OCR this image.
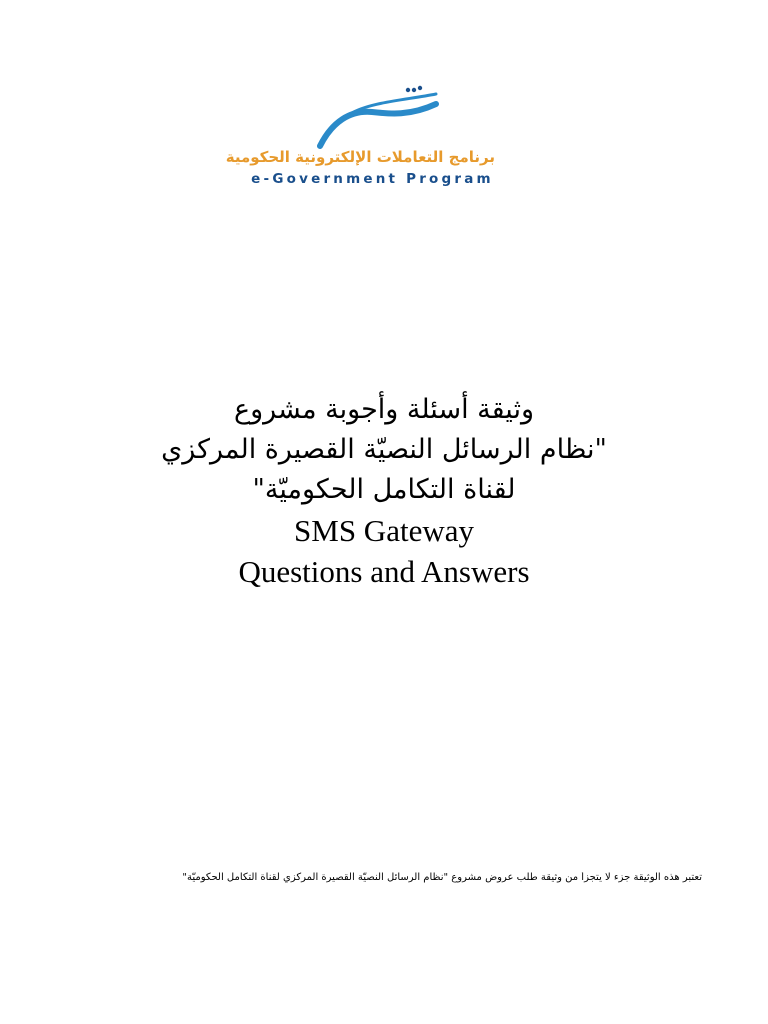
برنامج التعاملات الإلكترونية الحكومية
e-Government Program
وثيقة أسئلة وأجوبة مشروع
"نظام الرسائل النصيّة القصيرة المركزي
لقناة التكامل الحكوميّة"
SMS Gateway
Questions and Answers
تعتبر هذه الوثيقة جزء لا يتجزأ من وثيقة طلب عروض مشروع "نظام الرسائل النصيّة القصيرة المركزي لقناة التكامل الحكوميّة"
